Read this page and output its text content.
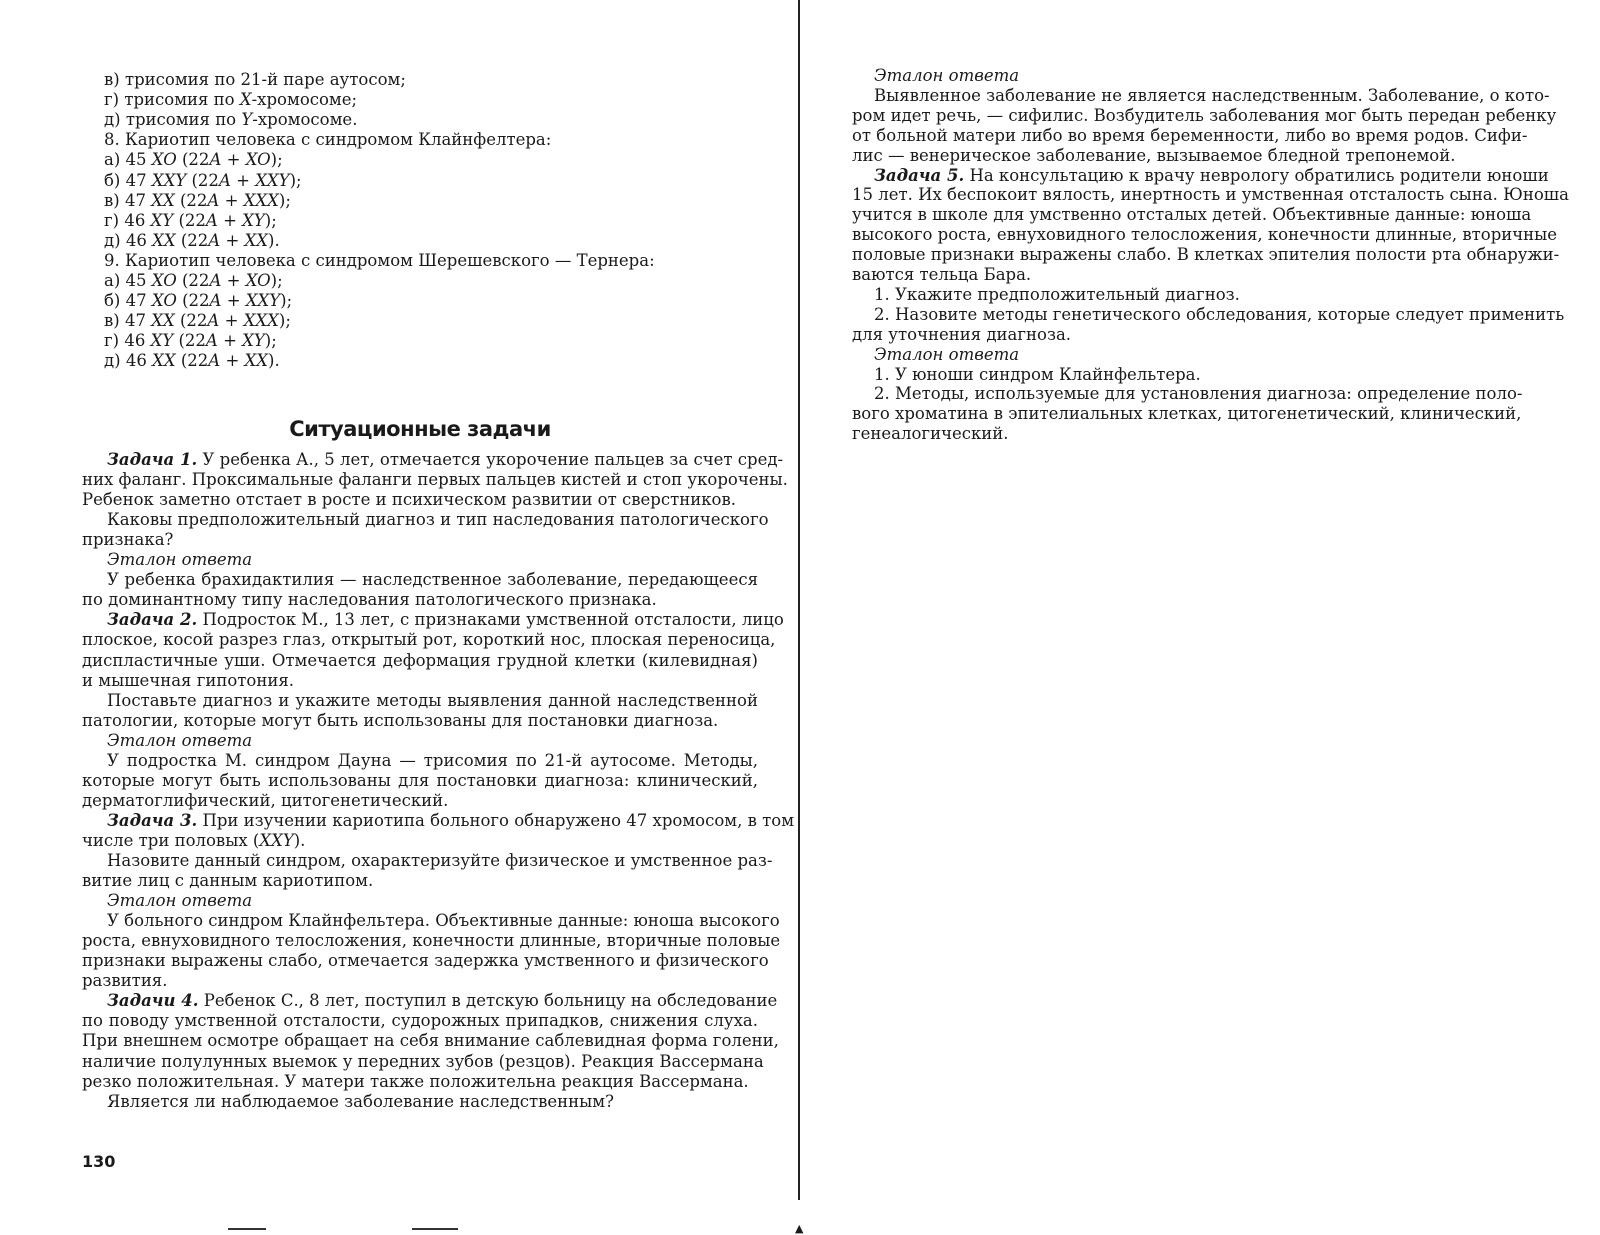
в) трисомия по 21-й паре аутосом;
г) трисомия по X-хромосоме;
д) трисомия по Y-хромосоме.
8. Кариотип человека с синдромом Клайнфелтера:
а) 45 XO (22A + XO);
б) 47 XXY (22A + XXY);
в) 47 XX (22A + XXX);
г) 46 XY (22A + XY);
д) 46 XX (22A + XX).
9. Кариотип человека с синдромом Шерешевского — Тернера:
а) 45 XO (22A + XO);
б) 47 XO (22A + XXY);
в) 47 XX (22A + XXX);
г) 46 XY (22A + XY);
д) 46 XX (22A + XX).
Ситуационные задачи
Задача 1. У ребенка А., 5 лет, отмечается укорочение пальцев за счет сред-
них фаланг. Проксимальные фаланги первых пальцев кистей и стоп укорочены.
Ребенок заметно отстает в росте и психическом развитии от сверстников.
Каковы предположительный диагноз и тип наследования патологического
признака?
Эталон ответа
У ребенка брахидактилия — наследственное заболевание, передающееся
по доминантному типу наследования патологического признака.
Задача 2. Подросток М., 13 лет, с признаками умственной отсталости, лицо
плоское, косой разрез глаз, открытый рот, короткий нос, плоская переносица,
диспластичные уши. Отмечается деформация грудной клетки (килевидная)
и мышечная гипотония.
Поставьте диагноз и укажите методы выявления данной наследственной
патологии, которые могут быть использованы для постановки диагноза.
Эталон ответа
У подростка М. синдром Дауна — трисомия по 21-й аутосоме. Методы,
которые могут быть использованы для постановки диагноза: клинический,
дерматоглифический, цитогенетический.
Задача 3. При изучении кариотипа больного обнаружено 47 хромосом, в том
числе три половых (XXY).
Назовите данный синдром, охарактеризуйте физическое и умственное раз-
витие лиц с данным кариотипом.
Эталон ответа
У больного синдром Клайнфельтера. Объективные данные: юноша высокого
роста, евнуховидного телосложения, конечности длинные, вторичные половые
признаки выражены слабо, отмечается задержка умственного и физического
развития.
Задачи 4. Ребенок С., 8 лет, поступил в детскую больницу на обследование
по поводу умственной отсталости, судорожных припадков, снижения слуха.
При внешнем осмотре обращает на себя внимание саблевидная форма голени,
наличие полулунных выемок у передних зубов (резцов). Реакция Вассермана
резко положительная. У матери также положительна реакция Вассермана.
Является ли наблюдаемое заболевание наследственным?
130
Эталон ответа
Выявленное заболевание не является наследственным. Заболевание, о кото-
ром идет речь, — сифилис. Возбудитель заболевания мог быть передан ребенку
от больной матери либо во время беременности, либо во время родов. Сифи-
лис — венерическое заболевание, вызываемое бледной трепонемой.
Задача 5. На консультацию к врачу неврологу обратились родители юноши
15 лет. Их беспокоит вялость, инертность и умственная отсталость сына. Юноша
учится в школе для умственно отсталых детей. Объективные данные: юноша
высокого роста, евнуховидного телосложения, конечности длинные, вторичные
половые признаки выражены слабо. В клетках эпителия полости рта обнаружи-
ваются тельца Бара.
1. Укажите предположительный диагноз.
2. Назовите методы генетического обследования, которые следует применить
для уточнения диагноза.
Эталон ответа
1. У юноши синдром Клайнфельтера.
2. Методы, используемые для установления диагноза: определение поло-
вого хроматина в эпителиальных клетках, цитогенетический, клинический,
генеалогический.
▲
